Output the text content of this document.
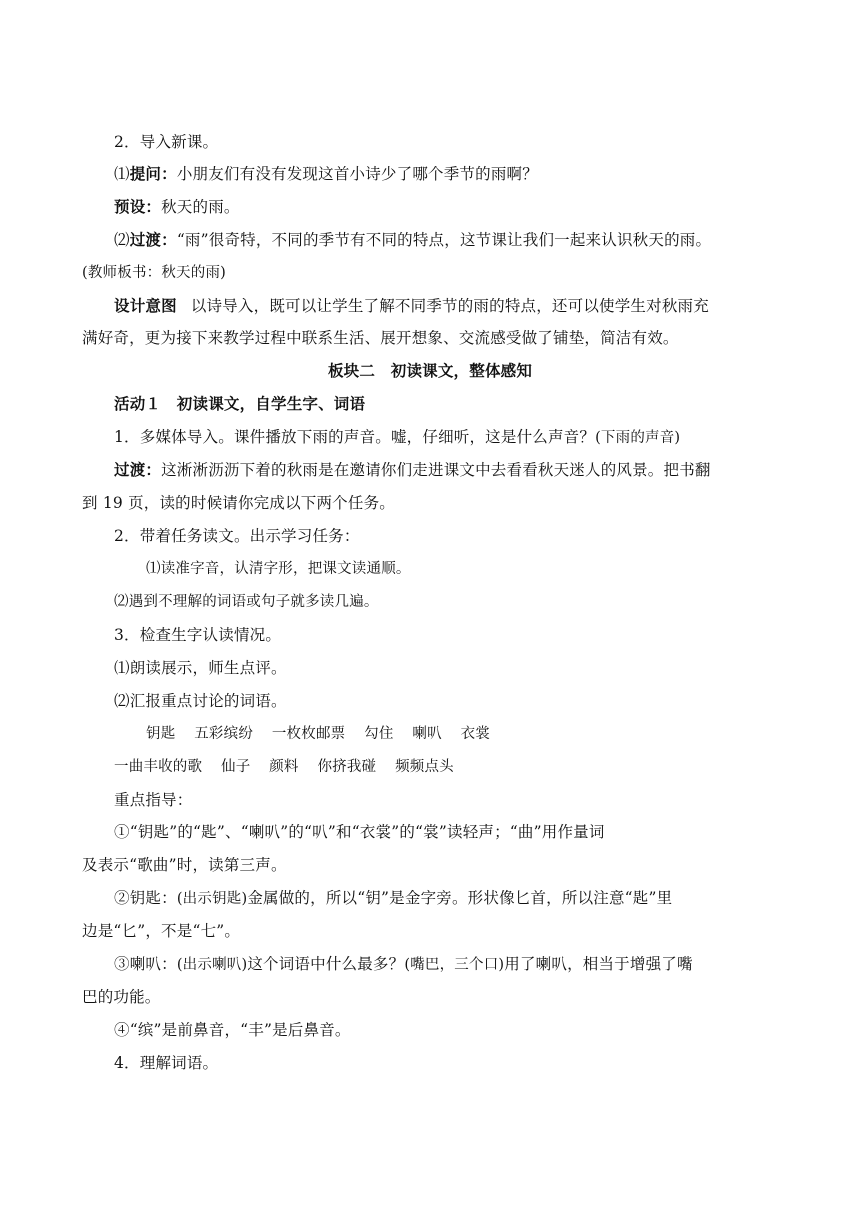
2．导入新课。
⑴提问：小朋友们有没有发现这首小诗少了哪个季节的雨啊？
预设：秋天的雨。
⑵过渡：“雨”很奇特，不同的季节有不同的特点，这节课让我们一起来认识秋天的雨。
(教师板书：秋天的雨)
设计意图 以诗导入，既可以让学生了解不同季节的雨的特点，还可以使学生对秋雨充
满好奇，更为接下来教学过程中联系生活、展开想象、交流感受做了铺垫，简洁有效。
板块二　初读课文，整体感知
活动１　初读课文，自学生字、词语
1．多媒体导入。课件播放下雨的声音。嘘，仔细听，这是什么声音？(下雨的声音)
过渡：这淅淅沥沥下着的秋雨是在邀请你们走进课文中去看看秋天迷人的风景。把书翻
到 19 页，读的时候请你完成以下两个任务。
2．带着任务读文。出示学习任务：
⑴读准字音，认清字形，把课文读通顺。
⑵遇到不理解的词语或句子就多读几遍。
3．检查生字认读情况。
⑴朗读展示，师生点评。
⑵汇报重点讨论的词语。
钥匙 五彩缤纷 一枚枚邮票 勾住 喇叭 衣裳
一曲丰收的歌 仙子 颜料 你挤我碰 频频点头
重点指导：
①“钥匙”的“匙”、“喇叭”的“叭”和“衣裳”的“裳”读轻声；“曲”用作量词
及表示“歌曲”时，读第三声。
②钥匙：(出示钥匙)金属做的，所以“钥”是金字旁。形状像匕首，所以注意“匙”里
边是“匕”，不是“七”。
③喇叭：(出示喇叭)这个词语中什么最多？(嘴巴，三个口)用了喇叭，相当于增强了嘴
巴的功能。
④“缤”是前鼻音，“丰”是后鼻音。
4．理解词语。
